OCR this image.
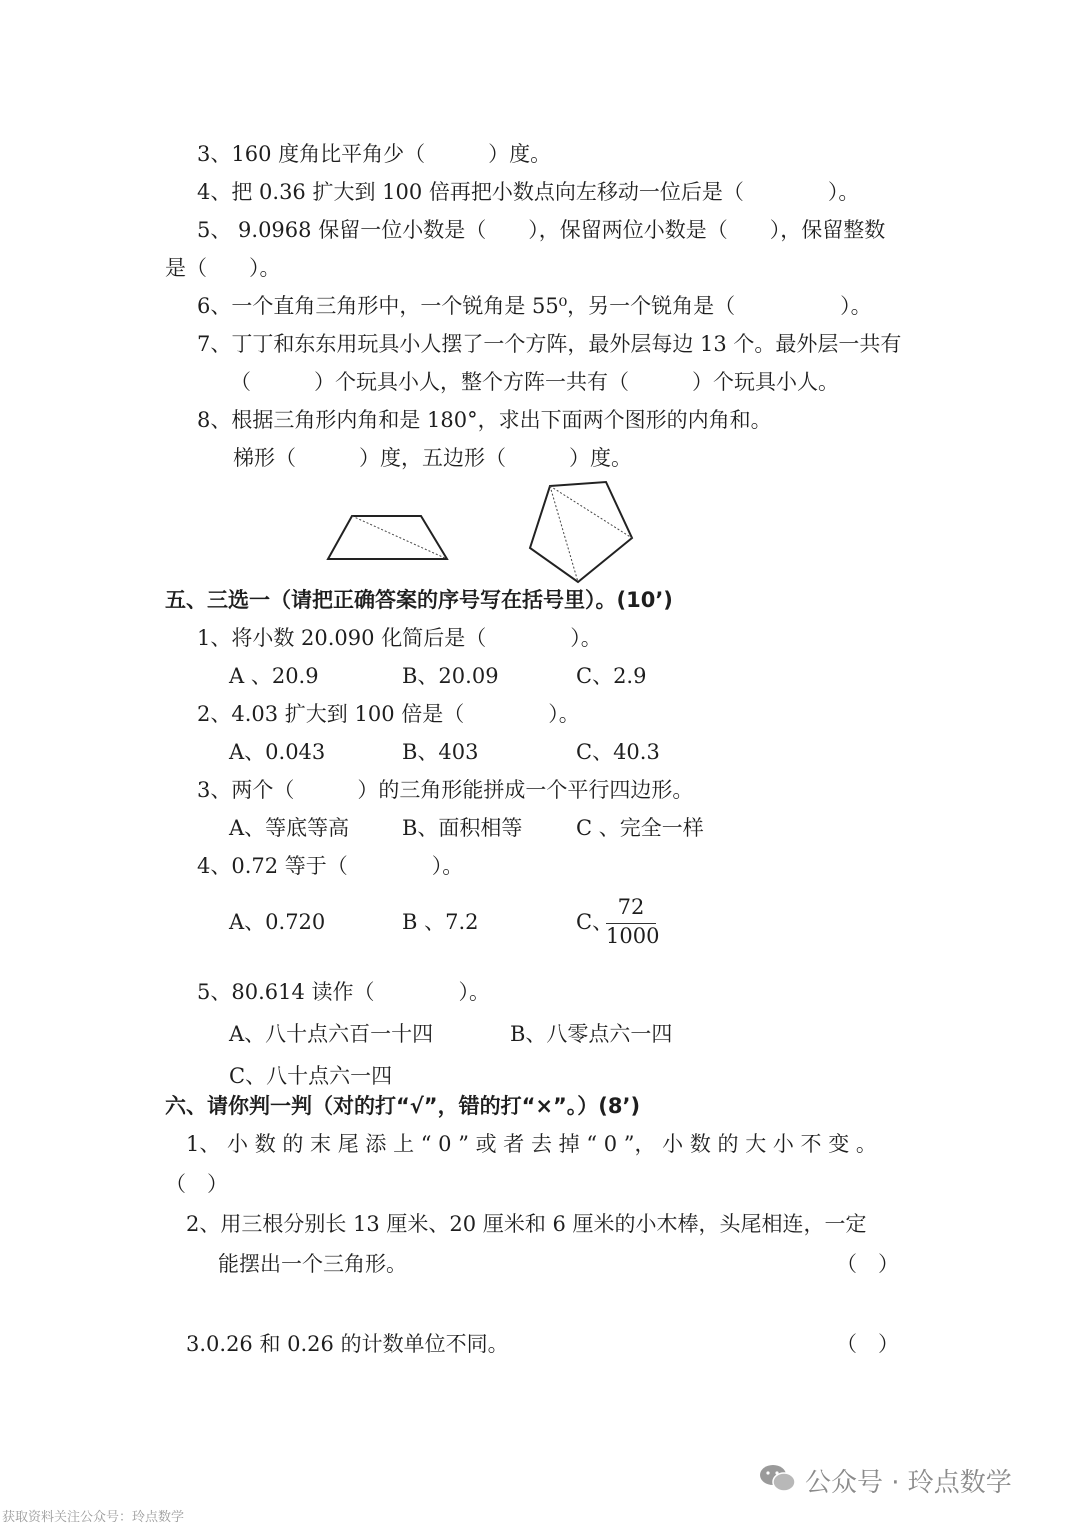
3、160 度角比平角少（　　　）度。
4、把 0.36 扩大到 100 倍再把小数点向左移动一位后是（　　　　）。
5、 9.0968 保留一位小数是（　　），保留两位小数是（　　），保留整数
是（　　）。
6、一个直角三角形中，一个锐角是 55⁰，另一个锐角是（　　　　　）。
7、丁丁和东东用玩具小人摆了一个方阵，最外层每边 13 个。最外层一共有
（　　　）个玩具小人，整个方阵一共有（　　　）个玩具小人。
8、根据三角形内角和是 180°，求出下面两个图形的内角和。
梯形（　　　）度，五边形（　　　）度。
五、三选一（请把正确答案的序号写在括号里）。(10’)
1、将小数 20.090 化简后是（　　　　）。
A 、20.9	B、20.09	C、2.9
2、4.03 扩大到 100 倍是（　　　　）。
A、0.043	B、403	C、40.3
3、两个（　　　）的三角形能拼成一个平行四边形。
A、等底等高	B、面积相等	C 、完全一样
4、0.72 等于（　　　　）。
A、0.720	B 、7.2	C、
72
1000
5、80.614 读作（　　　　）。
A、八十点六百一十四	B、八零点六一四
C、八十点六一四
六、请你判一判（对的打“√”，错的打“×”。）(8’)
1、 小 数 的 末 尾 添 上 “ 0 ” 或 者 去 掉 “ 0 ”， 小 数 的 大 小 不 变 。
（　）
2、用三根分别长 13 厘米、20 厘米和 6 厘米的小木棒，头尾相连，一定
能摆出一个三角形。	（　）
3.0.26 和 0.26 的计数单位不同。	（　）
公众号 · 玲点数学
获取资料关注公众号：玲点数学
